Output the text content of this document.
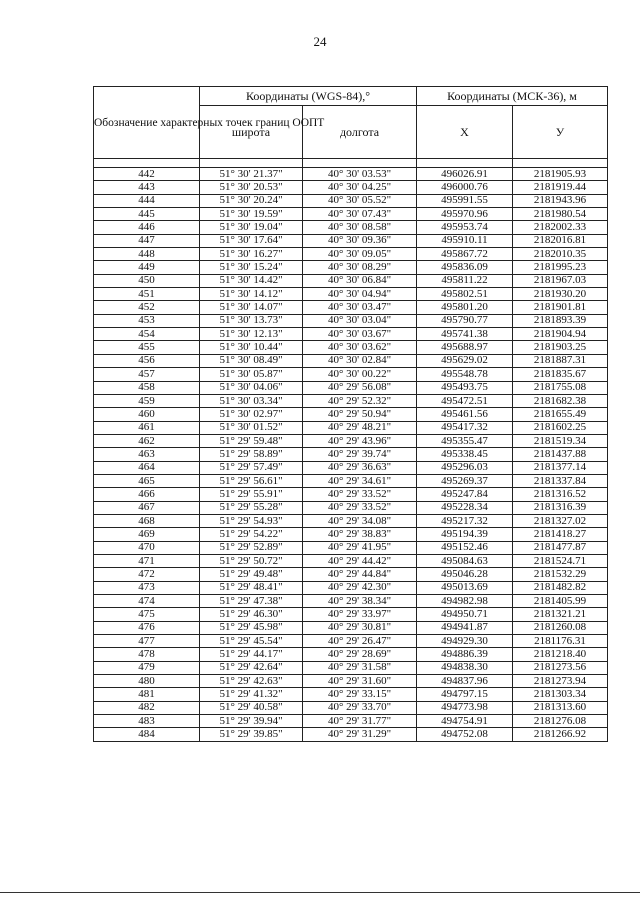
24
Обозначение характерных точек границ ООПТ	Координаты (WGS-84),°		Координаты (МСК-36), м	
	широта	долгота	Х	У

442	51° 30' 21.37"	40° 30' 03.53"	496026.91	2181905.93
443	51° 30' 20.53"	40° 30' 04.25"	496000.76	2181919.44
444	51° 30' 20.24"	40° 30' 05.52"	495991.55	2181943.96
445	51° 30' 19.59"	40° 30' 07.43"	495970.96	2181980.54
446	51° 30' 19.04"	40° 30' 08.58"	495953.74	2182002.33
447	51° 30' 17.64"	40° 30' 09.36"	495910.11	2182016.81
448	51° 30' 16.27"	40° 30' 09.05"	495867.72	2182010.35
449	51° 30' 15.24"	40° 30' 08.29"	495836.09	2181995.23
450	51° 30' 14.42"	40° 30' 06.84"	495811.22	2181967.03
451	51° 30' 14.12"	40° 30' 04.94"	495802.51	2181930.20
452	51° 30' 14.07"	40° 30' 03.47"	495801.20	2181901.81
453	51° 30' 13.73"	40° 30' 03.04"	495790.77	2181893.39
454	51° 30' 12.13"	40° 30' 03.67"	495741.38	2181904.94
455	51° 30' 10.44"	40° 30' 03.62"	495688.97	2181903.25
456	51° 30' 08.49"	40° 30' 02.84"	495629.02	2181887.31
457	51° 30' 05.87"	40° 30' 00.22"	495548.78	2181835.67
458	51° 30' 04.06"	40° 29' 56.08"	495493.75	2181755.08
459	51° 30' 03.34"	40° 29' 52.32"	495472.51	2181682.38
460	51° 30' 02.97"	40° 29' 50.94"	495461.56	2181655.49
461	51° 30' 01.52"	40° 29' 48.21"	495417.32	2181602.25
462	51° 29' 59.48"	40° 29' 43.96"	495355.47	2181519.34
463	51° 29' 58.89"	40° 29' 39.74"	495338.45	2181437.88
464	51° 29' 57.49"	40° 29' 36.63"	495296.03	2181377.14
465	51° 29' 56.61"	40° 29' 34.61"	495269.37	2181337.84
466	51° 29' 55.91"	40° 29' 33.52"	495247.84	2181316.52
467	51° 29' 55.28"	40° 29' 33.52"	495228.34	2181316.39
468	51° 29' 54.93"	40° 29' 34.08"	495217.32	2181327.02
469	51° 29' 54.22"	40° 29' 38.83"	495194.39	2181418.27
470	51° 29' 52.89"	40° 29' 41.95"	495152.46	2181477.87
471	51° 29' 50.72"	40° 29' 44.42"	495084.63	2181524.71
472	51° 29' 49.48"	40° 29' 44.84"	495046.28	2181532.29
473	51° 29' 48.41"	40° 29' 42.30"	495013.69	2181482.82
474	51° 29' 47.38"	40° 29' 38.34"	494982.98	2181405.99
475	51° 29' 46.30"	40° 29' 33.97"	494950.71	2181321.21
476	51° 29' 45.98"	40° 29' 30.81"	494941.87	2181260.08
477	51° 29' 45.54"	40° 29' 26.47"	494929.30	2181176.31
478	51° 29' 44.17"	40° 29' 28.69"	494886.39	2181218.40
479	51° 29' 42.64"	40° 29' 31.58"	494838.30	2181273.56
480	51° 29' 42.63"	40° 29' 31.60"	494837.96	2181273.94
481	51° 29' 41.32"	40° 29' 33.15"	494797.15	2181303.34
482	51° 29' 40.58"	40° 29' 33.70"	494773.98	2181313.60
483	51° 29' 39.94"	40° 29' 31.77"	494754.91	2181276.08
484	51° 29' 39.85"	40° 29' 31.29"	494752.08	2181266.92
